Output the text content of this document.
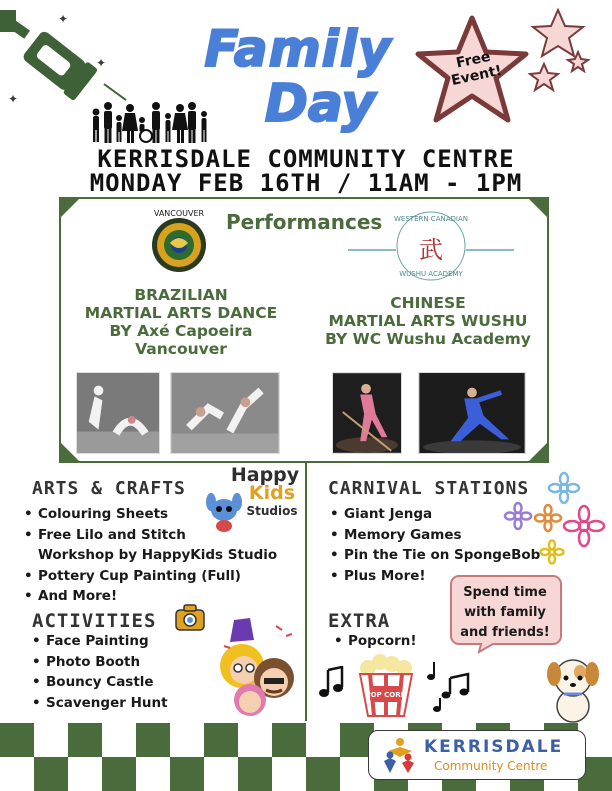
✦
✦
✦
Family
Day
Free Event!
KERRISDALE COMMUNITY CENTRE
MONDAY FEB 16TH / 11AM - 1PM
VANCOUVER Performances	WESTERN CANADIAN
武
WUSHU ACADEMY
BRAZILIAN
MARTIAL ARTS DANCE
BY Axé Capoeira
Vancouver
CHINESE
MARTIAL ARTS WUSHU
BY WC Wushu Academy
ARTS & CRAFTS
• Colouring Sheets
• Free Lilo and Stitch
Workshop by HappyKids Studio
• Pottery Cup Painting (Full)
• And More!
Happy
Kids
Studios
ACTIVITIES
• Face Painting
• Photo Booth
• Bouncy Castle
• Scavenger Hunt
CARNIVAL STATIONS
• Giant Jenga
• Memory Games
• Pin the Tie on SpongeBob
• Plus More!
Spend time with family and friends!
EXTRA
• Popcorn!
POP CORN
KERRISDALE
Community Centre
